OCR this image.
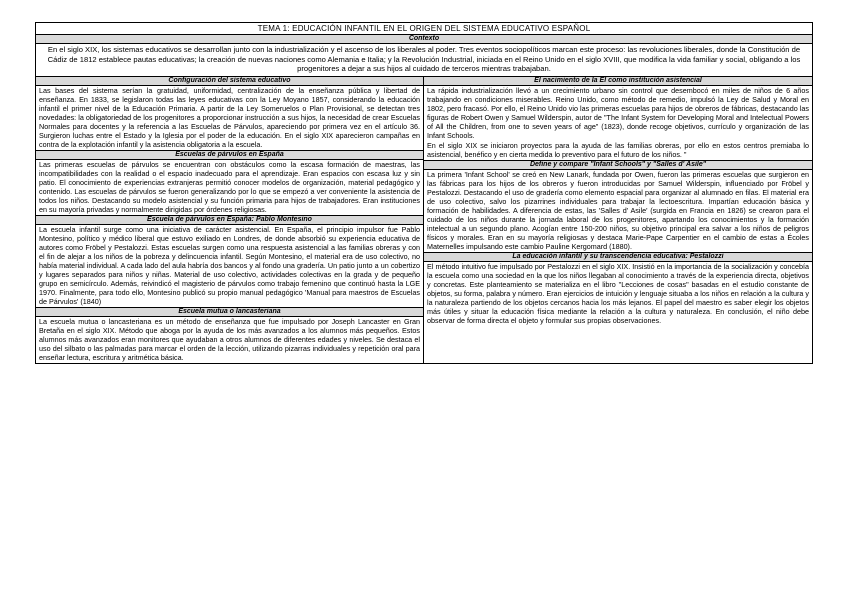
TEMA 1: EDUCACIÓN INFANTIL EN EL ORIGEN DEL SISTEMA EDUCATIVO ESPAÑOL
Contexto
En el siglo XIX, los sistemas educativos se desarrollan junto con la industrialización y el ascenso de los liberales al poder. Tres eventos sociopolíticos marcan este proceso: las revoluciones liberales, donde la Constitución de Cádiz de 1812 establece pautas educativas; la creación de nuevas naciones como Alemania e Italia; y la Revolución Industrial, iniciada en el Reino Unido en el siglo XVIII, que modifica la vida familiar y social, obligando a los progenitores a dejar a sus hijos al cuidado de terceros mientras trabajaban.
Configuración del sistema educativo
Las bases del sistema serían la gratuidad, uniformidad, centralización de la enseñanza pública y libertad de enseñanza. En 1833, se legislaron todas las leyes educativas con la Ley Moyano 1857, considerando la educación infantil el primer nivel de la Educación Primaria. A partir de la Ley Someruelos o Plan Provisional, se detectan tres novedades: la obligatoriedad de los progenitores a proporcionar instrucción a sus hijos, la necesidad de crear Escuelas Normales para docentes y la referencia a las Escuelas de Párvulos, apareciendo por primera vez en el artículo 36. Surgieron luchas entre el Estado y la Iglesia por el poder de la educación. En el siglo XIX aparecieron campañas en contra de la explotación infantil y la asistencia obligatoria a la escuela.
Escuelas de párvulos en España
Las primeras escuelas de párvulos se encuentran con obstáculos como la escasa formación de maestras, las incompatibilidades con la realidad o el espacio inadecuado para el aprendizaje. Eran espacios con escasa luz y sin patio. El conocimiento de experiencias extranjeras permitió conocer modelos de organización, material pedagógico y contenido. Las escuelas de párvulos se fueron generalizando por lo que se empezó a ver conveniente la asistencia de todos los niños. Destacando su modelo asistencial y su función primaria para hijos de trabajadores. Eran instituciones en su mayoría privadas y normalmente dirigidas por órdenes religiosas.
Escuela de párvulos en España: Pablo Montesino
La escuela infantil surge como una iniciativa de carácter asistencial. En España, el principio impulsor fue Pablo Montesino, político y médico liberal que estuvo exiliado en Londres, de donde absorbió su experiencia educativa de autores como Fröbel y Pestalozzi. Estas escuelas surgen como una respuesta asistencial a las familias obreras y con el fin de alejar a los niños de la pobreza y delincuencia infantil. Según Montesino, el material era de uso colectivo, no había material individual. A cada lado del aula habría dos bancos y al fondo una gradería. Un patio junto a un cobertizo y lugares separados para niños y niñas. Material de uso colectivo, actividades colectivas en la grada y de pequeño grupo en semicírculo. Además, reivindicó el magisterio de párvulos como trabajo femenino que continuó hasta la LGE 1970. Finalmente, para todo ello, Montesino publicó su propio manual pedagógico 'Manual para maestros de Escuelas de Párvulos' (1840)
Escuela mutua o lancasteriana
La escuela mutua o lancasteriana es un método de enseñanza que fue impulsado por Joseph Lancaster en Gran Bretaña en el siglo XIX. Método que aboga por la ayuda de los más avanzados a los alumnos más pequeños. Estos alumnos más avanzados eran monitores que ayudaban a otros alumnos de diferentes edades y niveles. Se destaca el uso del silbato o las palmadas para marcar el orden de la lección, utilizando pizarras individuales y repetición oral para enseñar lectura, escritura y aritmética básica.
El nacimiento de la El como institución asistencial
La rápida industrialización llevó a un crecimiento urbano sin control que desembocó en miles de niños de 6 años trabajando en condiciones miserables. Reino Unido, como método de remedio, impulsó la Ley de Salud y Moral en 1802, pero fracasó. Por ello, el Reino Unido vio las primeras escuelas para hijos de obreros de fábricas, destacando las figuras de Robert Owen y Samuel Wilderspin, autor de "The Infant System for Developing Moral and Intelectual Powers of All the Children, from one to seven years of age" (1823), donde recoge objetivos, currículo y organización de las Infant Schools.
En el siglo XIX se iniciaron proyectos para la ayuda de las familias obreras, por ello en estos centros premiaba lo asistencial, benéfico y en cierta medida lo preventivo para el futuro de los niños. "
Define y compare "Infant Schools" y "Salles d' Asile"
La primera 'Infant School' se creó en New Lanark, fundada por Owen, fueron las primeras escuelas que surgieron en las fábricas para los hijos de los obreros y fueron introducidas por Samuel Wilderspin, influenciado por Fröbel y Pestalozzi. Destacando el uso de gradería como elemento espacial para organizar al alumnado en filas. El material era de uso colectivo, salvo los pizarrines individuales para trabajar la lectoescritura. Impartían educación básica y formación de habilidades. A diferencia de estas, las 'Salles d' Asile' (surgida en Francia en 1826) se crearon para el cuidado de los niños durante la jornada laboral de los progenitores, apartando los conocimientos y la formación intelectual a un segundo plano. Acogían entre 150-200 niños, su objetivo principal era salvar a los niños de peligros físicos y morales. Eran en su mayoría religiosas y destaca Marie-Pape Carpentier en el cambio de estas a Écoles Maternelles impulsando este cambio Pauline Kergomard (1880).
La educación infantil y su transcendencia educativa: Pestalozzi
El método intuitivo fue impulsado por Pestalozzi en el siglo XIX. Insistió en la importancia de la socialización y concebía la escuela como una sociedad en la que los niños llegaban al conocimiento a través de la experiencia directa, objetivos y concretas. Este planteamiento se materializa en el libro "Lecciones de cosas" basadas en el estudio constante de objetos, su forma, palabra y número. Eran ejercicios de intuición y lenguaje situaba a los niños en relación a la cultura y la naturaleza partiendo de los objetos cercanos hacia los más lejanos. El papel del maestro es saber elegir los objetos más útiles y situar la educación física mediante la relación a la cultura y naturaleza. En conclusión, el niño debe observar de forma directa el objeto y formular sus propias observaciones.
